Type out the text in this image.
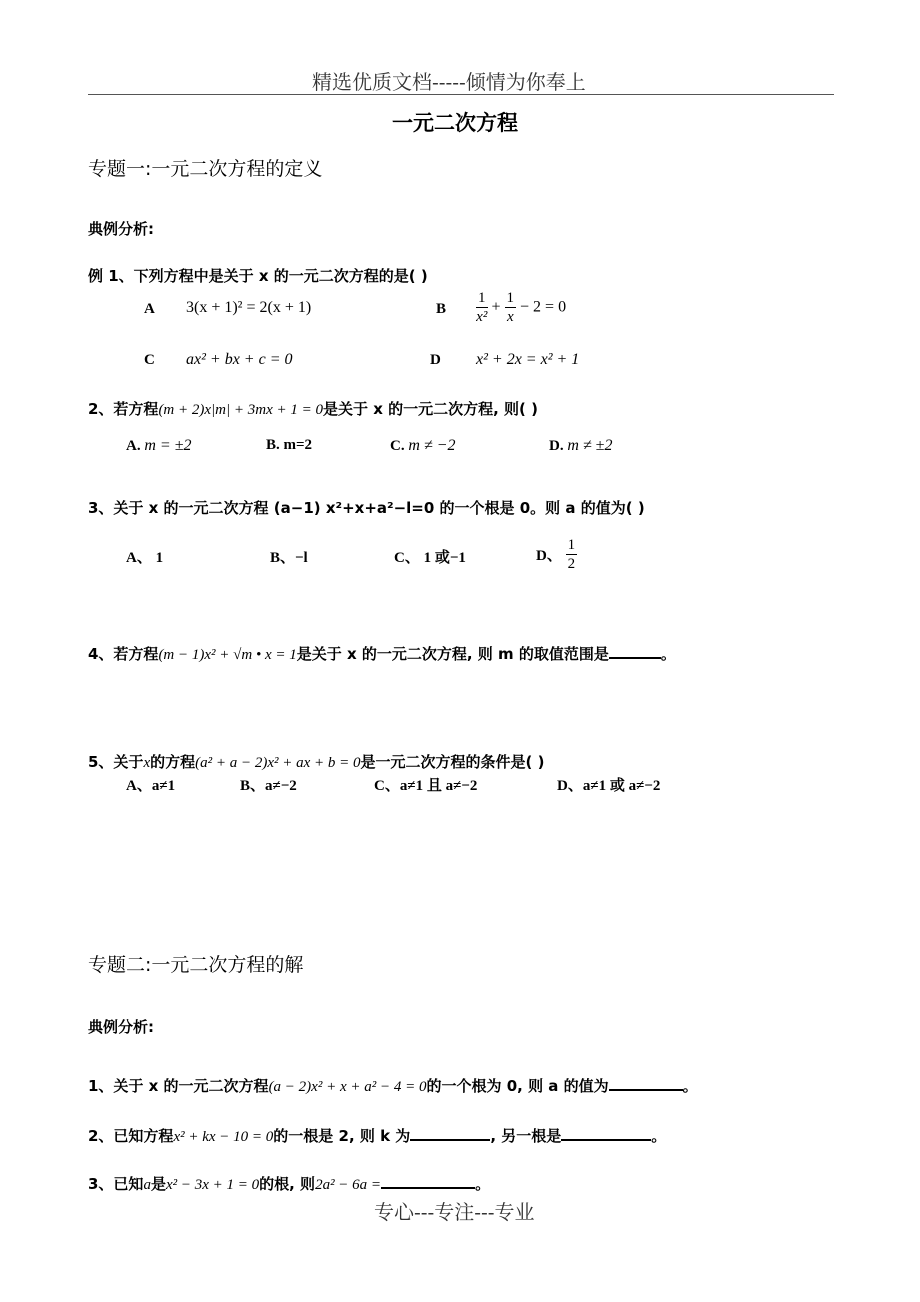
精选优质文档-----倾情为你奉上
一元二次方程
专题一:一元二次方程的定义
典例分析:
例 1、下列方程中是关于 x 的一元二次方程的是( )
A 3(x + 1)² = 2(x + 1)	B $\frac{1}{\text{x²}} + \frac{1}{x} - 2 = 0$
C ax² + bx + c = 0	D x² + 2x = x² + 1
2、若方程(m + 2)x|m| + 3mx + 1 = 0是关于 x 的一元二次方程, 则( )
A. m = ±2	B. m=2	C. m ≠ −2	D. m ≠ ±2
3、关于 x 的一元二次方程 (a−1) x²+x+a²−l=0 的一个根是 0。则 a 的值为( )
A、 1	B、−l	C、 1 或−1	D、 $\frac{1}{2}$
4、若方程(m − 1)x² + √m • x = 1是关于 x 的一元二次方程, 则 m 的取值范围是	。
5、关于x的方程(a² + a − 2)x² + ax + b = 0是一元二次方程的条件是( )
A、a≠1	B、a≠−2	C、a≠1 且 a≠−2	D、a≠1 或 a≠−2
专题二:一元二次方程的解
典例分析:
1、关于 x 的一元二次方程(a − 2)x² + x + a² − 4 = 0的一个根为 0, 则 a 的值为	。
2、已知方程x² + kx − 10 = 0的一根是 2, 则 k 为	, 另一根是	。
3、已知a是x² − 3x + 1 = 0的根, 则2a² − 6a =	。
专心---专注---专业
